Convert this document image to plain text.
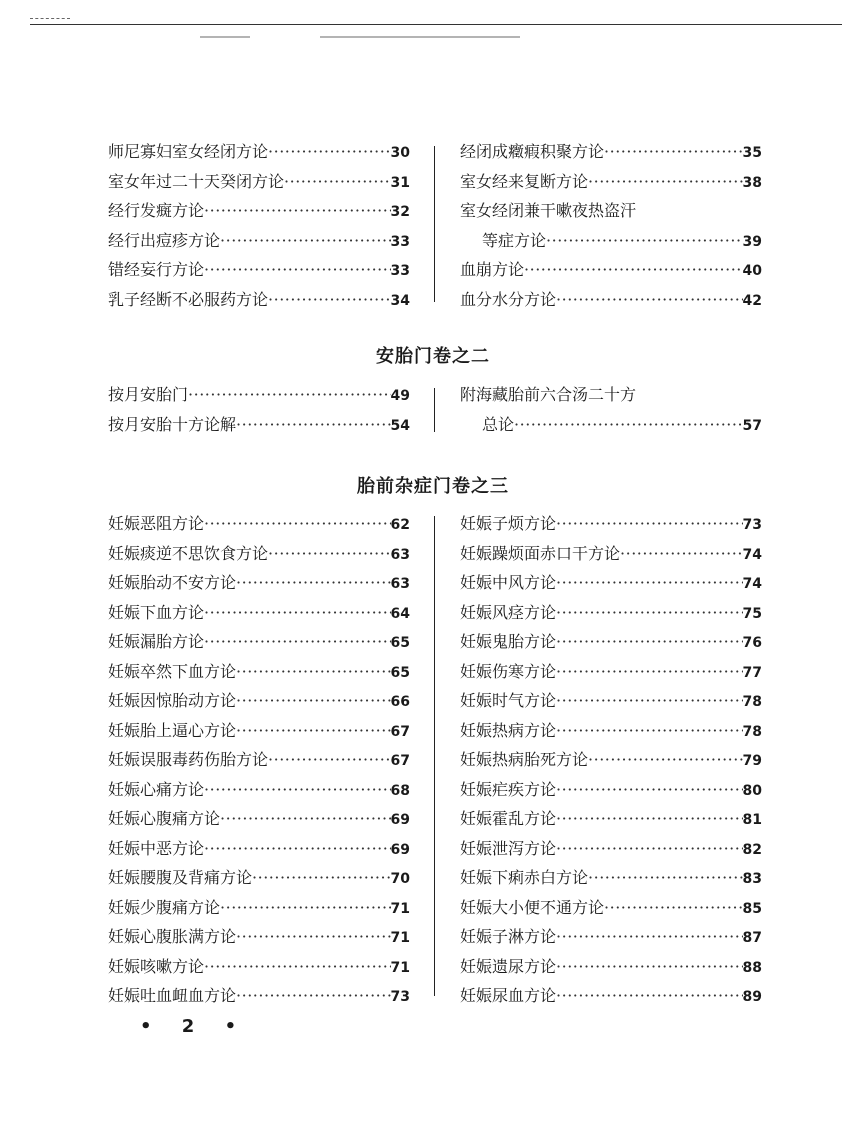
师尼寡妇室女经闭方论 ·····	30
室女年过二十天癸闭方论 ·····	31
经行发癍方论 ·····	32
经行出痘疹方论 ·····	33
错经妄行方论 ·····	33
乳子经断不必服药方论 ·····	34
经闭成癥瘕积聚方论 ·····	35
室女经来复断方论 ·····	38
室女经闭兼干嗽夜热盗汗
等症方论 ·····	39
血崩方论 ·····	40
血分水分方论 ·····	42
安胎门卷之二
按月安胎门 ·····	49
按月安胎十方论解 ·····	54
附海藏胎前六合汤二十方
总论 ·····	57
胎前杂症门卷之三
妊娠恶阻方论 ·····	62
妊娠痰逆不思饮食方论 ·····	63
妊娠胎动不安方论 ·····	63
妊娠下血方论 ·····	64
妊娠漏胎方论 ·····	65
妊娠卒然下血方论 ·····	65
妊娠因惊胎动方论 ·····	66
妊娠胎上逼心方论 ·····	67
妊娠误服毒药伤胎方论 ·····	67
妊娠心痛方论 ·····	68
妊娠心腹痛方论 ·····	69
妊娠中恶方论 ·····	69
妊娠腰腹及背痛方论 ·····	70
妊娠少腹痛方论 ·····	71
妊娠心腹胀满方论 ·····	71
妊娠咳嗽方论 ·····	71
妊娠吐血衄血方论 ·····	73
妊娠子烦方论 ·····	73
妊娠躁烦面赤口干方论 ·····	74
妊娠中风方论 ·····	74
妊娠风痉方论 ·····	75
妊娠鬼胎方论 ·····	76
妊娠伤寒方论 ·····	77
妊娠时气方论 ·····	78
妊娠热病方论 ·····	78
妊娠热病胎死方论 ·····	79
妊娠疟疾方论 ·····	80
妊娠霍乱方论 ·····	81
妊娠泄泻方论 ·····	82
妊娠下痢赤白方论 ·····	83
妊娠大小便不通方论 ·····	85
妊娠子淋方论 ·····	87
妊娠遗尿方论 ·····	88
妊娠尿血方论 ·····	89
• 2 •
